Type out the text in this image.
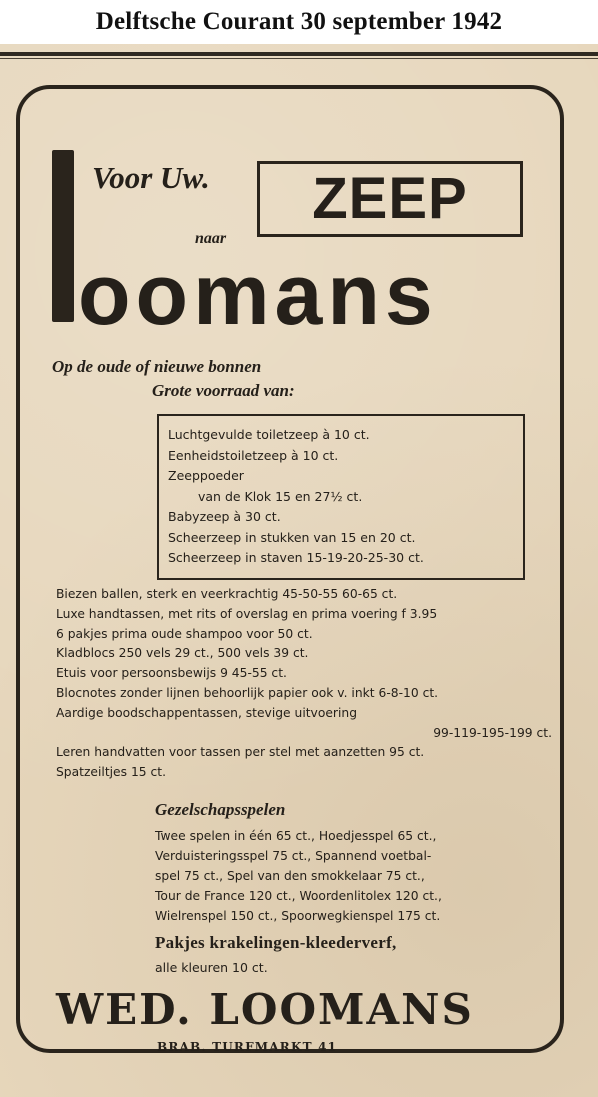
Delftsche Courant 30 september 1942
Voor Uw.	ZEEP
naar
oomans
Op de oude of nieuwe bonnen
Grote voorraad van:
Luchtgevulde toiletzeep à 10 ct.
Eenheidstoiletzeep à 10 ct.
Zeeppoeder
van de Klok 15 en 27½ ct.
Babyzeep à 30 ct.
Scheerzeep in stukken van 15 en 20 ct.
Scheerzeep in staven 15-19-20-25-30 ct.
Biezen ballen, sterk en veerkrachtig 45-50-55 60-65 ct.
Luxe handtassen, met rits of overslag en prima voering f 3.95
6 pakjes prima oude shampoo voor 50 ct.
Kladblocs 250 vels 29 ct., 500 vels 39 ct.
Etuis voor persoonsbewijs 9 45-55 ct.
Blocnotes zonder lijnen behoorlijk papier ook v. inkt 6-8-10 ct.
Aardige boodschappentassen, stevige uitvoering
99-119-195-199 ct.
Leren handvatten voor tassen per stel met aanzetten 95 ct.
Spatzeiltjes 15 ct.
Gezelschapsspelen
Twee spelen in één 65 ct., Hoedjesspel 65 ct.,
Verduisteringsspel 75 ct., Spannend voetbal-
spel 75 ct., Spel van den smokkelaar 75 ct.,
Tour de France 120 ct., Woordenlitolex 120 ct.,
Wielrenspel 150 ct., Spoorwegkienspel 175 ct.
Pakjes krakelingen-kleederverf,
alle kleuren 10 ct.
WED. LOOMANS
BRAB. TURFMARKT 41
